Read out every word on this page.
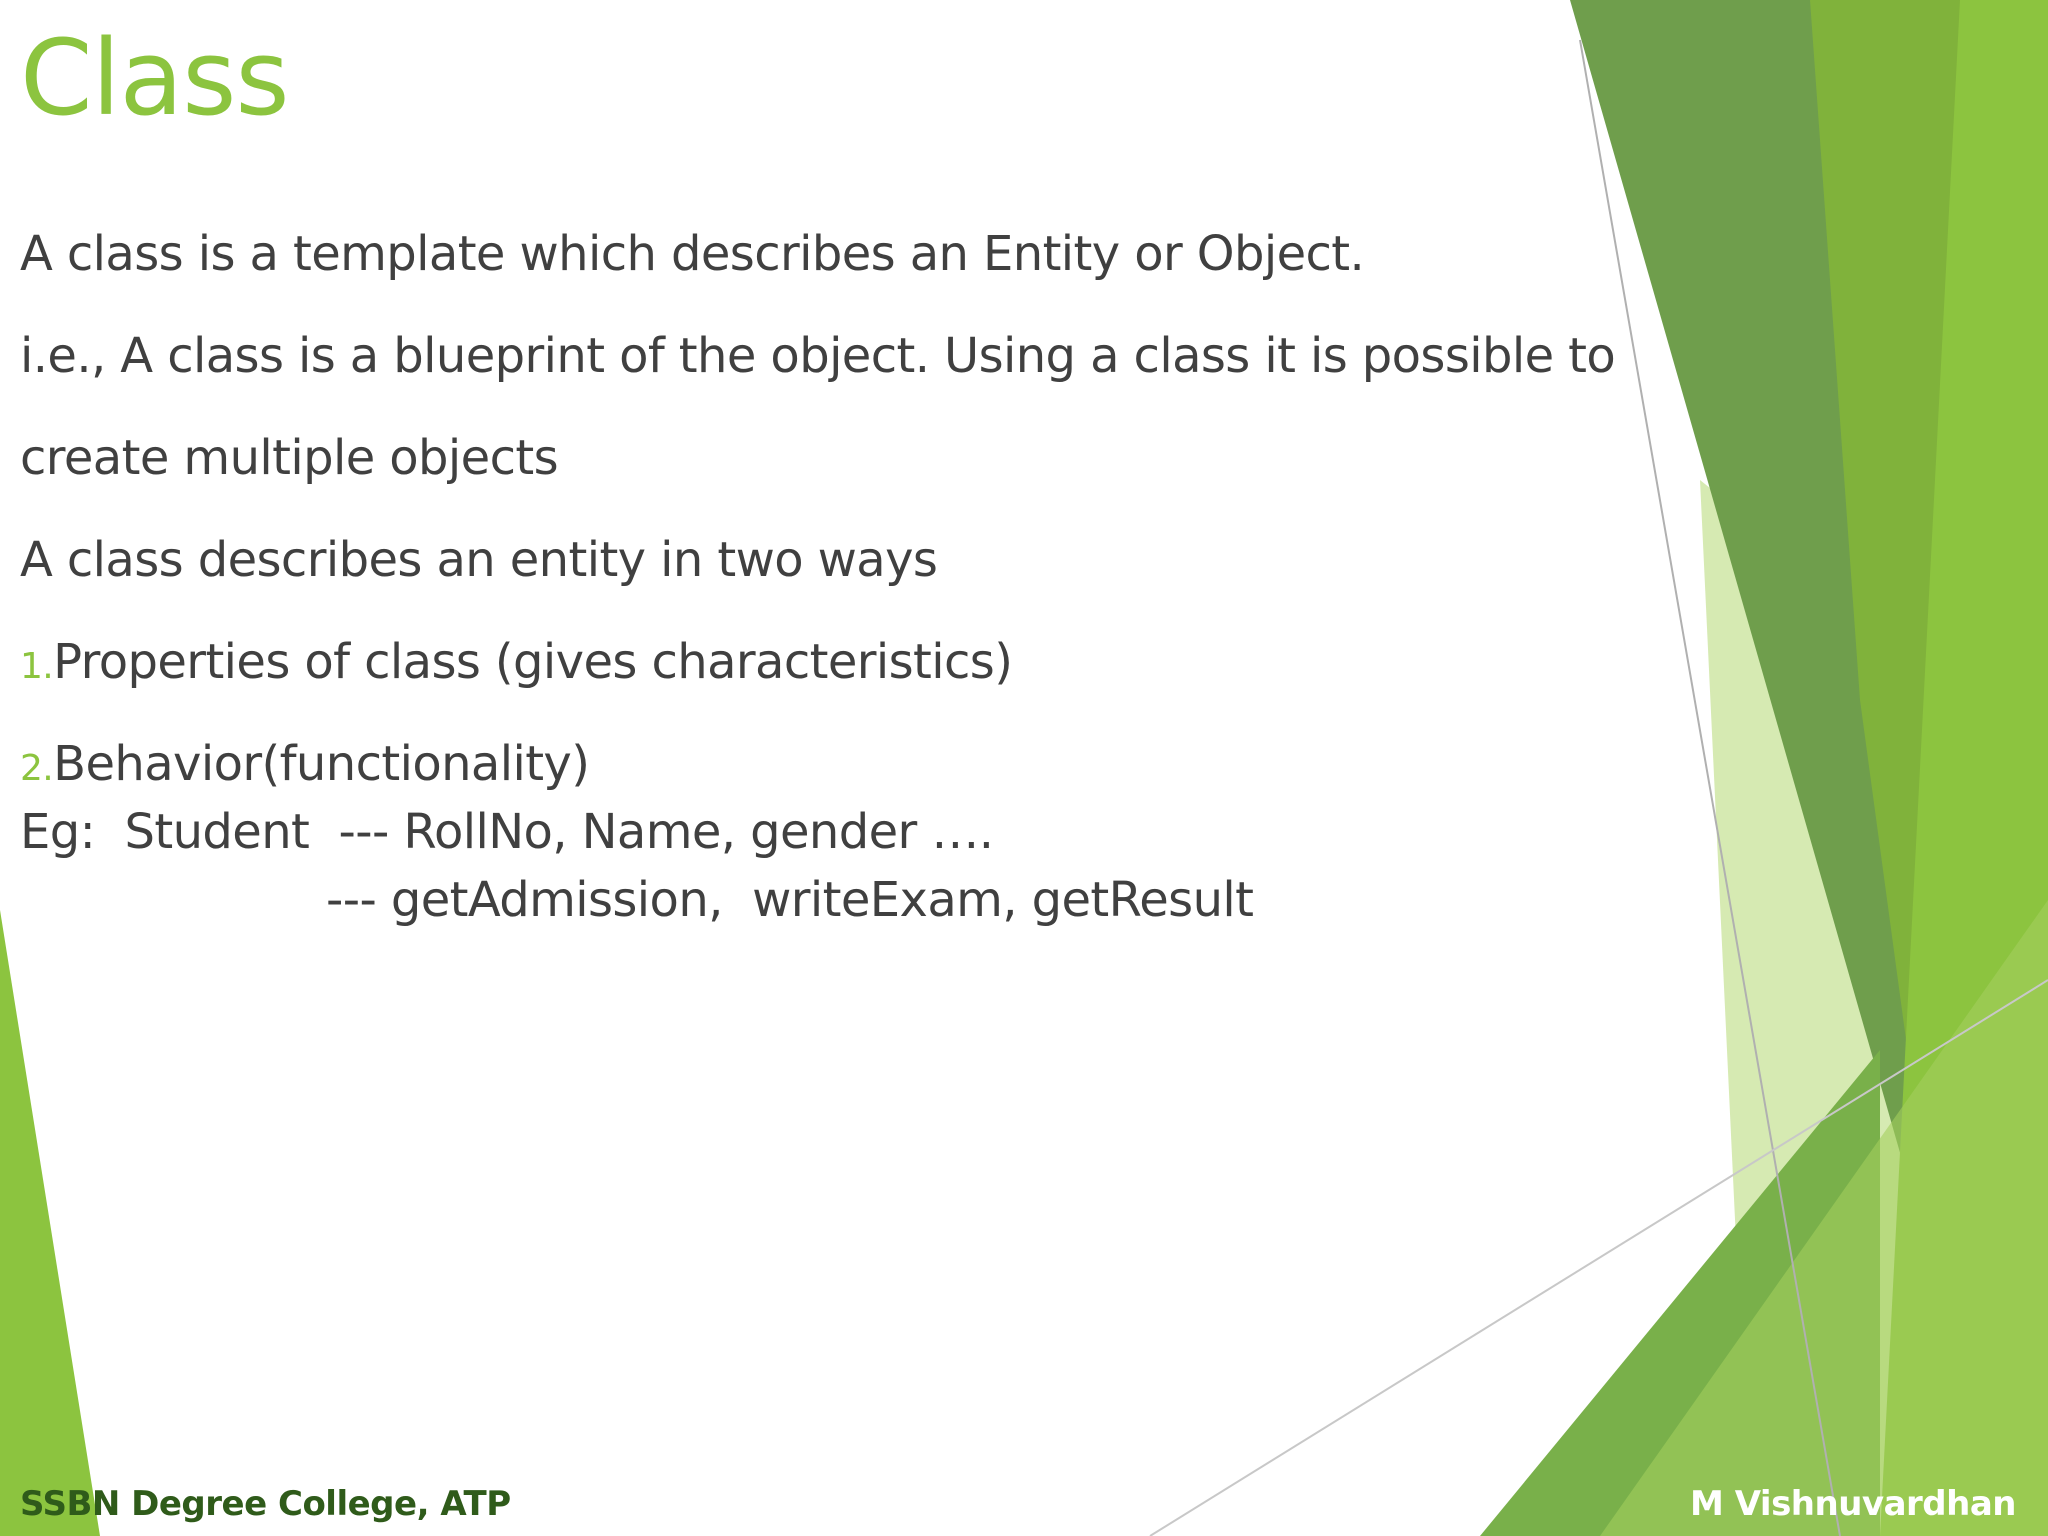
Class
A class is a template which describes an Entity or Object.
i.e., A class is a blueprint of the object. Using a class it is possible to
create multiple objects
A class describes an entity in two ways
1.Properties of class (gives characteristics)
2.Behavior(functionality)
Eg:  Student  --- RollNo, Name, gender ….
--- getAdmission,  writeExam, getResult
SSBN Degree College, ATP	M Vishnuvardhan
